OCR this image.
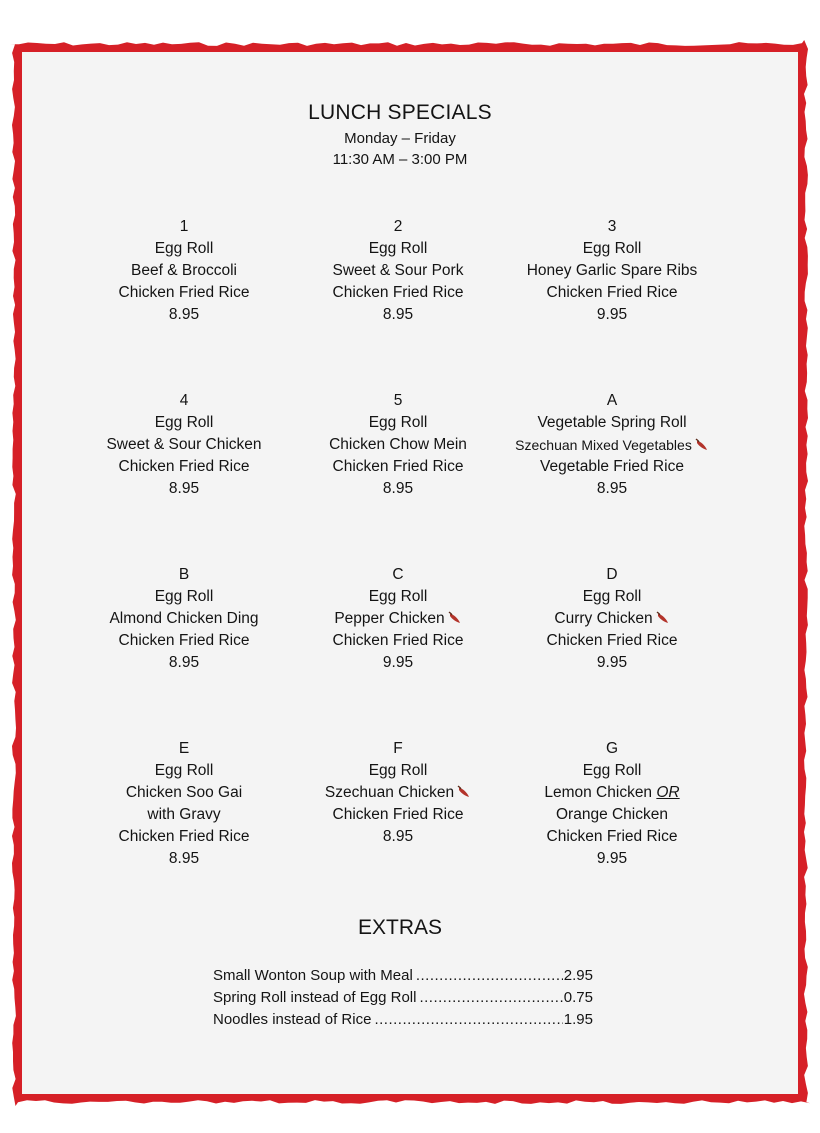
LUNCH SPECIALS
Monday – Friday
11:30 AM – 3:00 PM
1
Egg Roll
Beef & Broccoli
Chicken Fried Rice
8.95
2
Egg Roll
Sweet & Sour Pork
Chicken Fried Rice
8.95
3
Egg Roll
Honey Garlic Spare Ribs
Chicken Fried Rice
9.95
4
Egg Roll
Sweet & Sour Chicken
Chicken Fried Rice
8.95
5
Egg Roll
Chicken Chow Mein
Chicken Fried Rice
8.95
A
Vegetable Spring Roll
Szechuan Mixed Vegetables
Vegetable Fried Rice
8.95
B
Egg Roll
Almond Chicken Ding
Chicken Fried Rice
8.95
C
Egg Roll
Pepper Chicken
Chicken Fried Rice
9.95
D
Egg Roll
Curry Chicken
Chicken Fried Rice
9.95
E
Egg Roll
Chicken Soo Gai
with Gravy
Chicken Fried Rice
8.95
F
Egg Roll
Szechuan Chicken
Chicken Fried Rice
8.95
G
Egg Roll
Lemon Chicken OR
Orange Chicken
Chicken Fried Rice
9.95
EXTRAS
Small Wonton Soup with Meal .....	2.95
Spring Roll instead of Egg Roll .....	0.75
Noodles instead of Rice .....	1.95
